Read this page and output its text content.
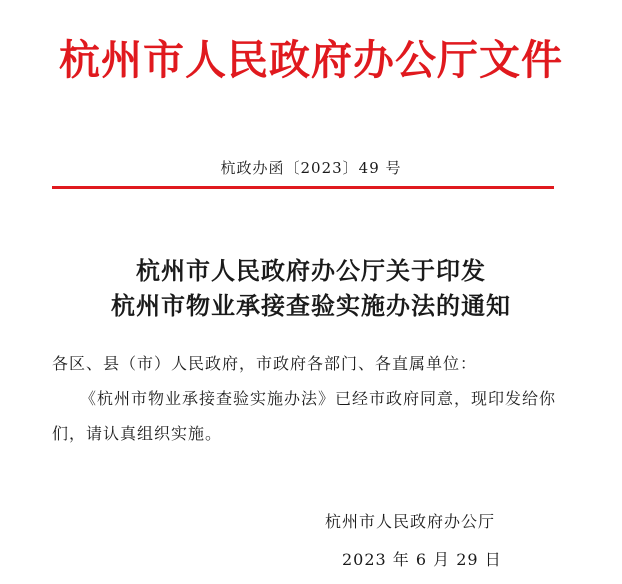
杭州市人民政府办公厅文件
杭政办函〔2023〕49 号
杭州市人民政府办公厅关于印发
杭州市物业承接查验实施办法的通知
各区、县（市）人民政府，市政府各部门、各直属单位：
《杭州市物业承接查验实施办法》已经市政府同意，现印发给你们，请认真组织实施。
杭州市人民政府办公厅
2023 年 6 月 29 日
